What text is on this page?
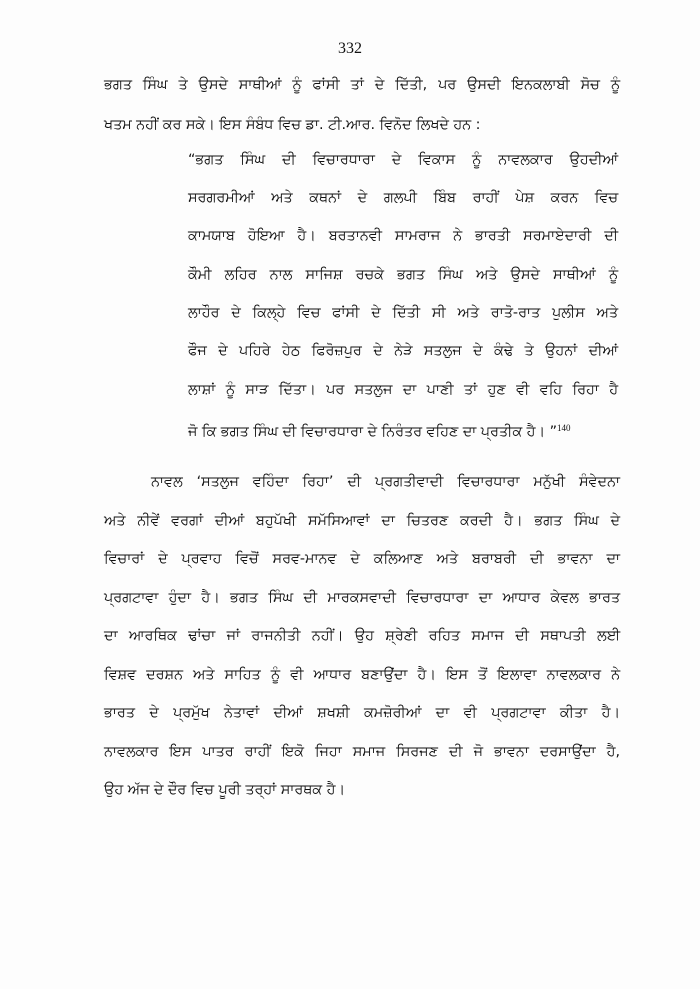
332
ਭਗਤ ਸਿੰਘ ਤੇ ਉਸਦੇ ਸਾਥੀਆਂ ਨੂੰ ਫਾਂਸੀ ਤਾਂ ਦੇ ਦਿੱਤੀ, ਪਰ ਉਸਦੀ ਇਨਕਲਾਬੀ ਸੋਚ ਨੂੰ
ਖਤਮ ਨਹੀਂ ਕਰ ਸਕੇ। ਇਸ ਸੰਬੰਧ ਵਿਚ ਡਾ. ਟੀ.ਆਰ. ਵਿਨੋਦ ਲਿਖਦੇ ਹਨ :
“ਭਗਤ ਸਿੰਘ ਦੀ ਵਿਚਾਰਧਾਰਾ ਦੇ ਵਿਕਾਸ ਨੂੰ ਨਾਵਲਕਾਰ ਉਹਦੀਆਂ
ਸਰਗਰਮੀਆਂ ਅਤੇ ਕਥਨਾਂ ਦੇ ਗਲਪੀ ਬਿੰਬ ਰਾਹੀਂ ਪੇਸ਼ ਕਰਨ ਵਿਚ
ਕਾਮਯਾਬ ਹੋਇਆ ਹੈ। ਬਰਤਾਨਵੀ ਸਾਮਰਾਜ ਨੇ ਭਾਰਤੀ ਸਰਮਾਏਦਾਰੀ ਦੀ
ਕੌਮੀ ਲਹਿਰ ਨਾਲ ਸਾਜਿਸ਼ ਰਚਕੇ ਭਗਤ ਸਿੰਘ ਅਤੇ ਉਸਦੇ ਸਾਥੀਆਂ ਨੂੰ
ਲਾਹੌਰ ਦੇ ਕਿਲ੍ਹੇ ਵਿਚ ਫਾਂਸੀ ਦੇ ਦਿੱਤੀ ਸੀ ਅਤੇ ਰਾਤੋ-ਰਾਤ ਪੁਲੀਸ ਅਤੇ
ਫੌਜ ਦੇ ਪਹਿਰੇ ਹੇਠ ਫਿਰੋਜ਼ਪੁਰ ਦੇ ਨੇੜੇ ਸਤਲੁਜ ਦੇ ਕੰਢੇ ਤੇ ਉਹਨਾਂ ਦੀਆਂ
ਲਾਸ਼ਾਂ ਨੂੰ ਸਾੜ ਦਿੱਤਾ। ਪਰ ਸਤਲੁਜ ਦਾ ਪਾਣੀ ਤਾਂ ਹੁਣ ਵੀ ਵਹਿ ਰਿਹਾ ਹੈ
ਜੋ ਕਿ ਭਗਤ ਸਿੰਘ ਦੀ ਵਿਚਾਰਧਾਰਾ ਦੇ ਨਿਰੰਤਰ ਵਹਿਣ ਦਾ ਪ੍ਰਤੀਕ ਹੈ। ”$^{140}$
ਨਾਵਲ ‘ਸਤਲੁਜ ਵਹਿੰਦਾ ਰਿਹਾ’ ਦੀ ਪ੍ਰਗਤੀਵਾਦੀ ਵਿਚਾਰਧਾਰਾ ਮਨੁੱਖੀ ਸੰਵੇਦਨਾ
ਅਤੇ ਨੀਵੇਂ ਵਰਗਾਂ ਦੀਆਂ ਬਹੁਪੱਖੀ ਸਮੱਸਿਆਵਾਂ ਦਾ ਚਿਤਰਣ ਕਰਦੀ ਹੈ। ਭਗਤ ਸਿੰਘ ਦੇ
ਵਿਚਾਰਾਂ ਦੇ ਪ੍ਰਵਾਹ ਵਿਚੋਂ ਸਰਵ-ਮਾਨਵ ਦੇ ਕਲਿਆਣ ਅਤੇ ਬਰਾਬਰੀ ਦੀ ਭਾਵਨਾ ਦਾ
ਪ੍ਰਗਟਾਵਾ ਹੁੰਦਾ ਹੈ। ਭਗਤ ਸਿੰਘ ਦੀ ਮਾਰਕਸਵਾਦੀ ਵਿਚਾਰਧਾਰਾ ਦਾ ਆਧਾਰ ਕੇਵਲ ਭਾਰਤ
ਦਾ ਆਰਥਿਕ ਢਾਂਚਾ ਜਾਂ ਰਾਜਨੀਤੀ ਨਹੀਂ। ਉਹ ਸ਼੍ਰੇਣੀ ਰਹਿਤ ਸਮਾਜ ਦੀ ਸਥਾਪਤੀ ਲਈ
ਵਿਸ਼ਵ ਦਰਸ਼ਨ ਅਤੇ ਸਾਹਿਤ ਨੂੰ ਵੀ ਆਧਾਰ ਬਣਾਉਂਦਾ ਹੈ। ਇਸ ਤੋਂ ਇਲਾਵਾ ਨਾਵਲਕਾਰ ਨੇ
ਭਾਰਤ ਦੇ ਪ੍ਰਮੁੱਖ ਨੇਤਾਵਾਂ ਦੀਆਂ ਸ਼ਖਸ਼ੀ ਕਮਜ਼ੋਰੀਆਂ ਦਾ ਵੀ ਪ੍ਰਗਟਾਵਾ ਕੀਤਾ ਹੈ।
ਨਾਵਲਕਾਰ ਇਸ ਪਾਤਰ ਰਾਹੀਂ ਇਕੋ ਜਿਹਾ ਸਮਾਜ ਸਿਰਜਣ ਦੀ ਜੋ ਭਾਵਨਾ ਦਰਸਾਉਂਦਾ ਹੈ,
ਉਹ ਅੱਜ ਦੇ ਦੌਰ ਵਿਚ ਪੂਰੀ ਤਰ੍ਹਾਂ ਸਾਰਥਕ ਹੈ।
